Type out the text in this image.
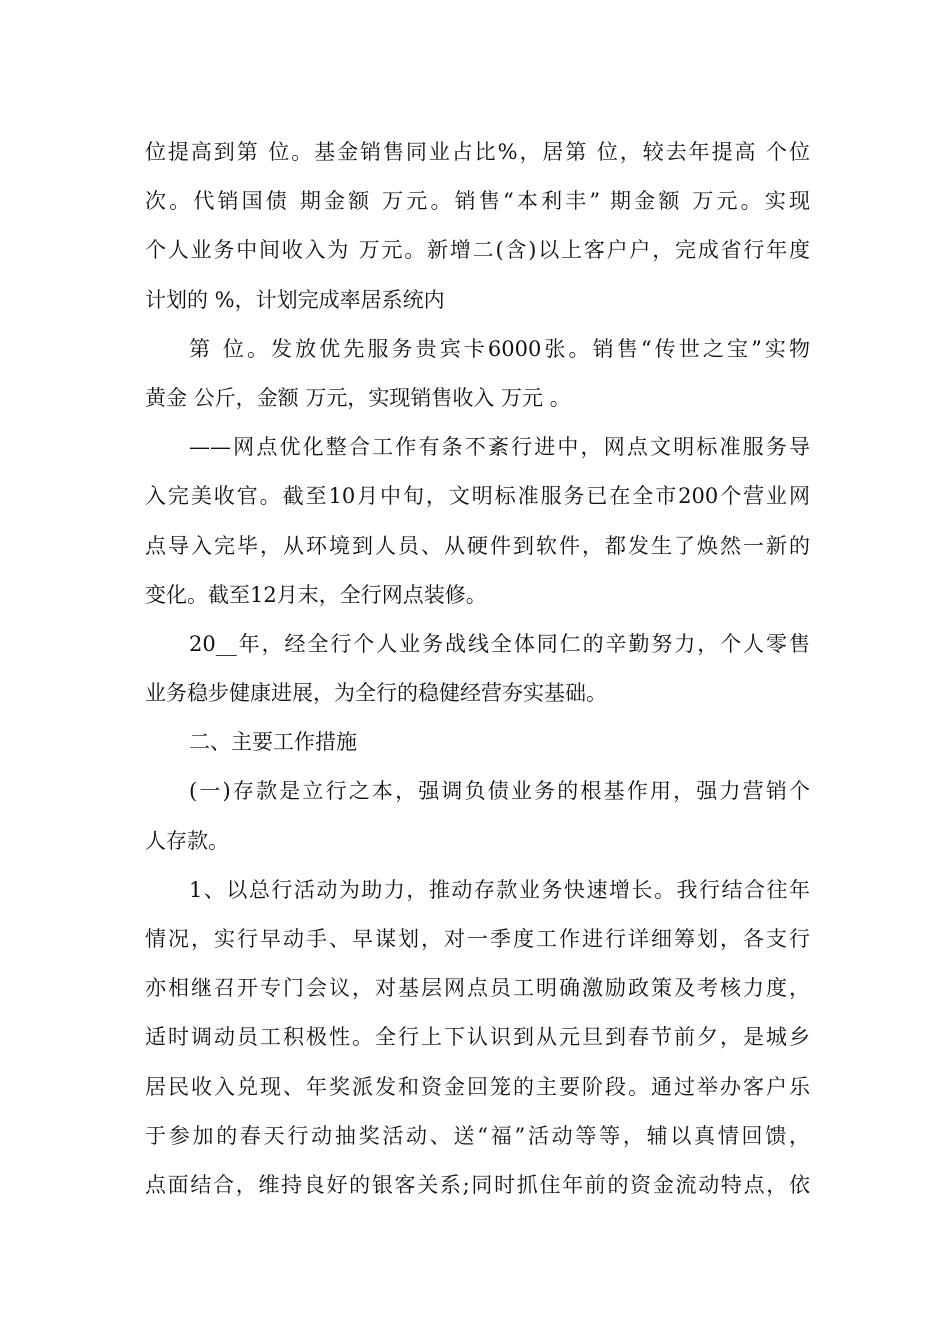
位提高到第 位。基金销售同业占比%，居第 位，较去年提高 个位
次。代销国债 期金额 万元。销售“本利丰” 期金额 万元。实现
个人业务中间收入为 万元。新增二(含)以上客户户，完成省行年度
计划的 %，计划完成率居系统内
第 位。发放优先服务贵宾卡6000张。销售“传世之宝”实物
黄金 公斤，金额 万元，实现销售收入 万元 。
——网点优化整合工作有条不紊行进中，网点文明标准服务导
入完美收官。截至10月中旬，文明标准服务已在全市200个营业网
点导入完毕，从环境到人员、从硬件到软件，都发生了焕然一新的
变化。截至12月末，全行网点装修。
20__年，经全行个人业务战线全体同仁的辛勤努力，个人零售
业务稳步健康进展，为全行的稳健经营夯实基础。
二、主要工作措施
(一)存款是立行之本，强调负债业务的根基作用，强力营销个
人存款。
1、以总行活动为助力，推动存款业务快速增长。我行结合往年
情况，实行早动手、早谋划，对一季度工作进行详细筹划，各支行
亦相继召开专门会议，对基层网点员工明确激励政策及考核力度，
适时调动员工积极性。全行上下认识到从元旦到春节前夕，是城乡
居民收入兑现、年奖派发和资金回笼的主要阶段。通过举办客户乐
于参加的春天行动抽奖活动、送“福”活动等等，辅以真情回馈，
点面结合，维持良好的银客关系;同时抓住年前的资金流动特点，依
